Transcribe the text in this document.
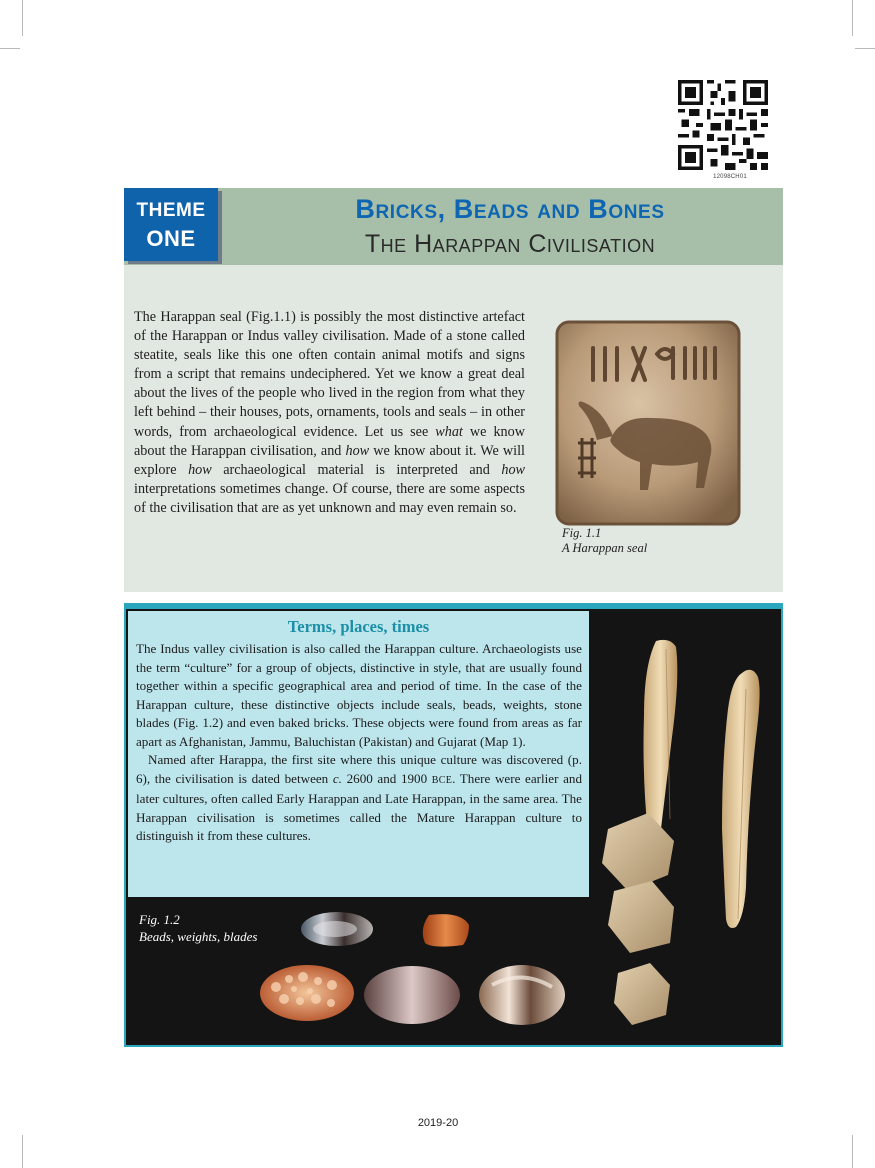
12098CH01
THEME
ONE
Bricks, Beads and Bones
The Harappan Civilisation
The Harappan seal (Fig.1.1) is possibly the most distinctive artefact of the Harappan or Indus valley civilisation. Made of a stone called steatite, seals like this one often contain animal motifs and signs from a script that remains undeciphered. Yet we know a great deal about the lives of the people who lived in the region from what they left behind – their houses, pots, ornaments, tools and seals – in other words, from archaeological evidence. Let us see what we know about the Harappan civilisation, and how we know about it. We will explore how archaeological material is interpreted and how interpretations sometimes change. Of course, there are some aspects of the civilisation that are as yet unknown and may even remain so.
Fig. 1.1
A Harappan seal
Terms, places, times

The Indus valley civilisation is also called the Harappan culture. Archaeologists use the term “culture” for a group of objects, distinctive in style, that are usually found together within a specific geographical area and period of time. In the case of the Harappan culture, these distinctive objects include seals, beads, weights, stone blades (Fig. 1.2) and even baked bricks. These objects were found from areas as far apart as Afghanistan, Jammu, Baluchistan (Pakistan) and Gujarat (Map 1).

Named after Harappa, the first site where this unique culture was discovered (p. 6), the civilisation is dated between c. 2600 and 1900 BCE. There were earlier and later cultures, often called Early Harappan and Late Harappan, in the same area. The Harappan civilisation is sometimes called the Mature Harappan culture to distinguish it from these cultures.

Fig. 1.2
Beads, weights, blades
2019-20
